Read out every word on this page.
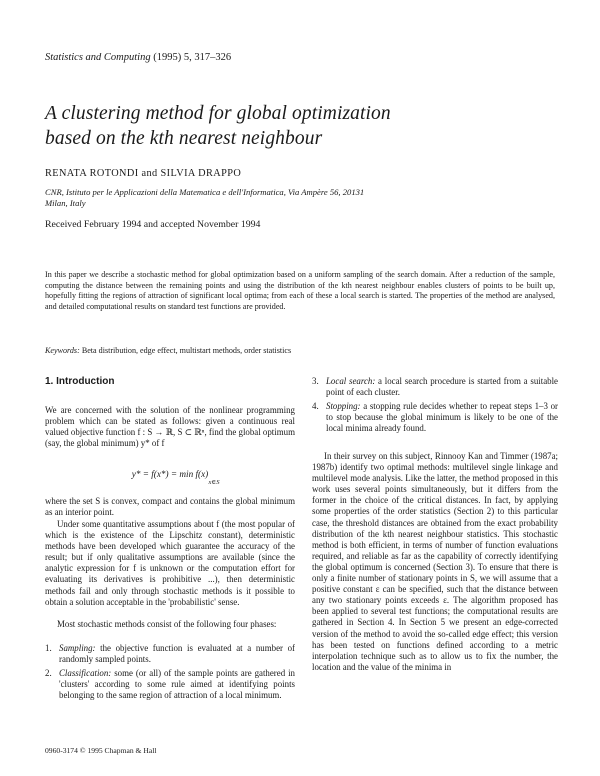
Statistics and Computing (1995) 5, 317–326
A clustering method for global optimization
based on the kth nearest neighbour
RENATA ROTONDI and SILVIA DRAPPO
CNR, Istituto per le Applicazioni della Matematica e dell'Informatica, Via Ampère 56, 20131
Milan, Italy
Received February 1994 and accepted November 1994
In this paper we describe a stochastic method for global optimization based on a uniform sampling of the search domain. After a reduction of the sample, computing the distance between the remaining points and using the distribution of the kth nearest neighbour enables clusters of points to be built up, hopefully fitting the regions of attraction of significant local optima; from each of these a local search is started. The properties of the method are analysed, and detailed computational results on standard test functions are provided.
Keywords: Beta distribution, edge effect, multistart methods, order statistics
1. Introduction
We are concerned with the solution of the nonlinear programming problem which can be stated as follows: given a continuous real valued objective function f : S → ℝ, S ⊂ ℝⁿ, find the global optimum (say, the global minimum) y* of f
y* = f(x*) = min f(x)
x∈S
where the set S is convex, compact and contains the global minimum as an interior point.
Under some quantitative assumptions about f (the most popular of which is the existence of the Lipschitz constant), deterministic methods have been developed which guarantee the accuracy of the result; but if only qualitative assumptions are available (since the analytic expression for f is unknown or the computation effort for evaluating its derivatives is prohibitive ...), then deterministic methods fail and only through stochastic methods is it possible to obtain a solution acceptable in the 'probabilistic' sense.
Most stochastic methods consist of the following four phases:
1. Sampling: the objective function is evaluated at a number of randomly sampled points.
2. Classification: some (or all) of the sample points are gathered in 'clusters' according to some rule aimed at identifying points belonging to the same region of attraction of a local minimum.
3. Local search: a local search procedure is started from a suitable point of each cluster.
4. Stopping: a stopping rule decides whether to repeat steps 1–3 or to stop because the global minimum is likely to be one of the local minima already found.
In their survey on this subject, Rinnooy Kan and Timmer (1987a; 1987b) identify two optimal methods: multilevel single linkage and multilevel mode analysis. Like the latter, the method proposed in this work uses several points simultaneously, but it differs from the former in the choice of the critical distances. In fact, by applying some properties of the order statistics (Section 2) to this particular case, the threshold distances are obtained from the exact probability distribution of the kth nearest neighbour statistics. This stochastic method is both efficient, in terms of number of function evaluations required, and reliable as far as the capability of correctly identifying the global optimum is concerned (Section 3). To ensure that there is only a finite number of stationary points in S, we will assume that a positive constant ε can be specified, such that the distance between any two stationary points exceeds ε. The algorithm proposed has been applied to several test functions; the computational results are gathered in Section 4. In Section 5 we present an edge-corrected version of the method to avoid the so-called edge effect; this version has been tested on functions defined according to a metric interpolation technique such as to allow us to fix the number, the location and the value of the minima in
0960-3174 © 1995 Chapman & Hall
